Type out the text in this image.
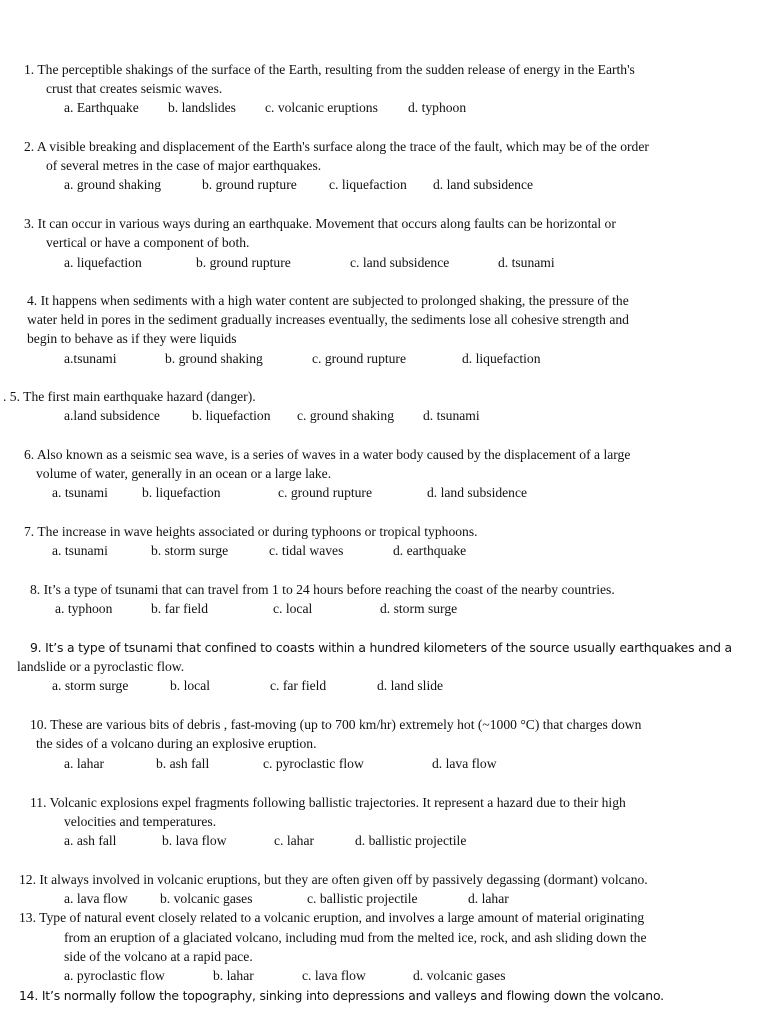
1. The perceptible shakings of the surface of the Earth, resulting from the sudden release of energy in the Earth's
crust that creates seismic waves.
a. Earthquake b. landslides c. volcanic eruptions d. typhoon
2. A visible breaking and displacement of the Earth's surface along the trace of the fault, which may be of the order
of several metres in the case of major earthquakes.
a. ground shaking	b. ground rupture c. liquefaction d. land subsidence
3. It can occur in various ways during an earthquake. Movement that occurs along faults can be horizontal or
vertical or have a component of both.
a. liquefaction	b. ground rupture	c. land subsidence	d. tsunami
4. It happens when sediments with a high water content are subjected to prolonged shaking, the pressure of the
water held in pores in the sediment gradually increases eventually, the sediments lose all cohesive strength and
begin to behave as if they were liquids
a.tsunami	b. ground shaking	c. ground rupture	d. liquefaction
. 5. The first main earthquake hazard (danger).
a.land subsidence b. liquefaction c. ground shaking d. tsunami
6. Also known as a seismic sea wave, is a series of waves in a water body caused by the displacement of a large
volume of water, generally in an ocean or a large lake.
a. tsunami	b. liquefaction	c. ground rupture	d. land subsidence
7. The increase in wave heights associated or during typhoons or tropical typhoons.
a. tsunami	b. storm surge	c. tidal waves	d. earthquake
8. It’s a type of tsunami that can travel from 1 to 24 hours before reaching the coast of the nearby countries.
a. typhoon	b. far field	c. local	d. storm surge
9. It’s a type of tsunami that confined to coasts within a hundred kilometers of the source usually earthquakes and a
landslide or a pyroclastic flow.
a. storm surge	b. local	c. far field	d. land slide
10. These are various bits of debris , fast-moving (up to 700 km/hr) extremely hot (~1000 °C) that charges down
the sides of a volcano during an explosive eruption.
a. lahar	b. ash fall	c. pyroclastic flow	d. lava flow
11. Volcanic explosions expel fragments following ballistic trajectories. It represent a hazard due to their high
velocities and temperatures.
a. ash fall	b. lava flow	c. lahar	d. ballistic projectile
12. It always involved in volcanic eruptions, but they are often given off by passively degassing (dormant) volcano.
a. lava flow b. volcanic gases	c. ballistic projectile	d. lahar
13. Type of natural event closely related to a volcanic eruption, and involves a large amount of material originating
from an eruption of a glaciated volcano, including mud from the melted ice, rock, and ash sliding down the
side of the volcano at a rapid pace.
a. pyroclastic flow	b. lahar	c. lava flow	d. volcanic gases
14. It’s normally follow the topography, sinking into depressions and valleys and flowing down the volcano.
